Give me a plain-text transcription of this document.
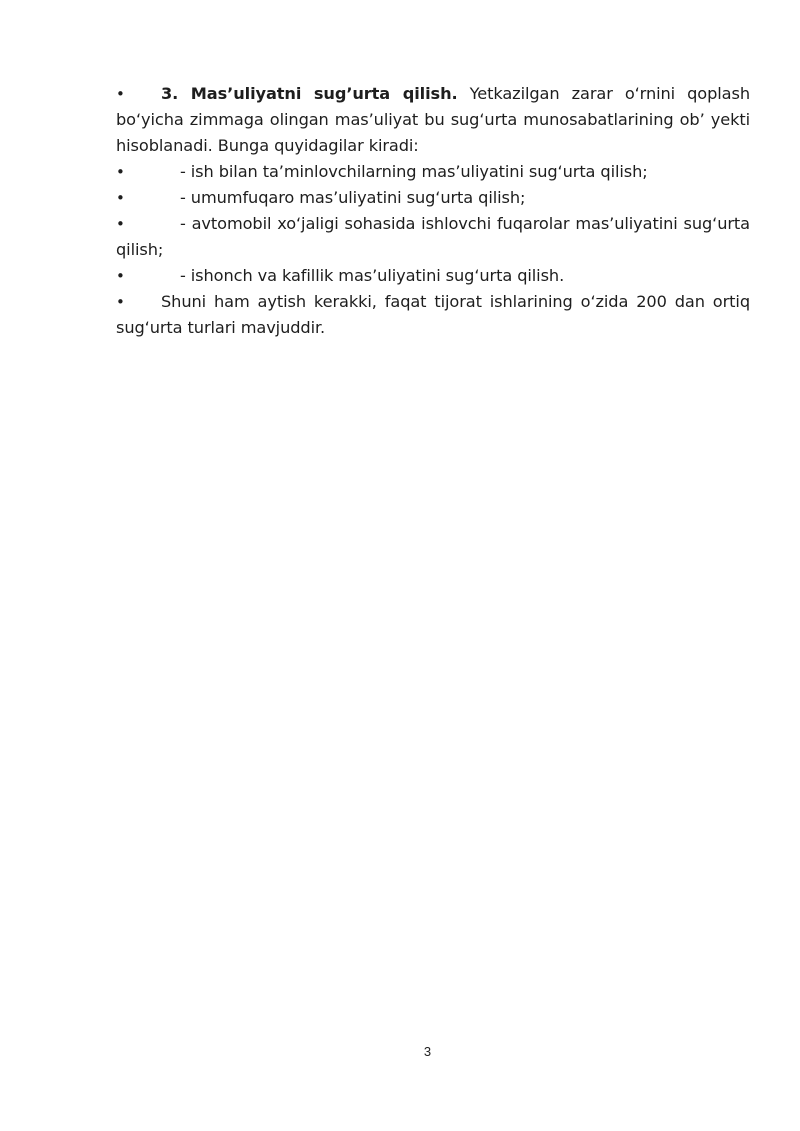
• 3. Mas’uliyatni sug’urta qilish. Yetkazilgan zarar o‘rnini qoplash bo‘yicha zimmaga olingan mas’uliyat bu sug‘urta munosabatlarining ob’ yekti hisoblanadi. Bunga quyidagilar kiradi:
•	- ish bilan ta’minlovchilarning mas’uliyatini sug‘urta qilish;
•	- umumfuqaro mas’uliyatini sug‘urta qilish;
•	- avtomobil xo‘jaligi sohasida ishlovchi fuqarolar mas’uliyatini sug‘urta qilish;
•	- ishonch va kafillik mas’uliyatini sug‘urta qilish.
• Shuni ham aytish kerakki, faqat tijorat ishlarining o‘zida 200 dan ortiq sug‘urta turlari mavjuddir.
3
